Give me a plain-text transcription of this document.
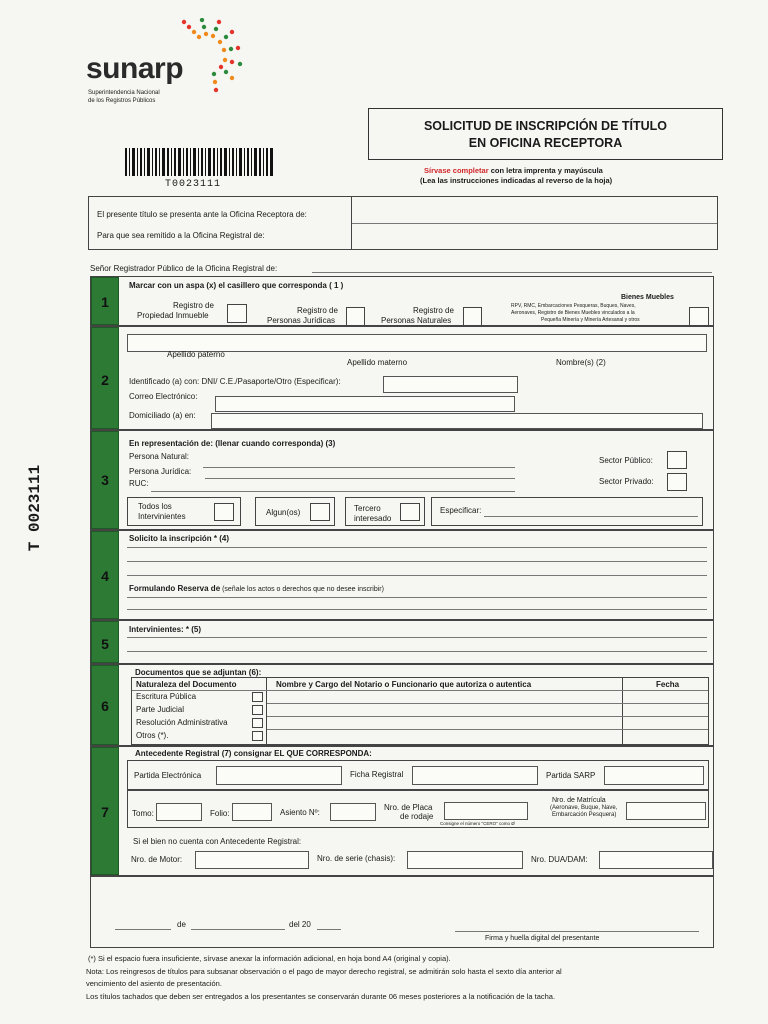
sunarp
Superintendencia Nacional
de los Registros Públicos
T0023111
SOLICITUD DE INSCRIPCIÓN DE TÍTULO
EN OFICINA RECEPTORA
Sírvase completar con letra imprenta y mayúscula
(Lea las instrucciones indicadas al reverso de la hoja)
T 0023111
El presente título se presenta ante la Oficina Receptora de:
Para que sea remitido a la Oficina Registral de:
Señor Registrador Público de la Oficina Registral de:
1
Marcar con un aspa (x) el casillero que corresponda ( 1 )
Registro de
Propiedad Inmueble
Registro de
Personas Jurídicas
Registro de
Personas Naturales
Bienes Muebles
RPV, RMC, Embarcaciones Pesqueras, Buques, Naves,
Aeronaves, Registro de Bienes Muebles vinculados a la
Pequeña Minería y Minería Artesanal y otros
2
Apellido paterno
Apellido materno	Nombre(s) (2)
Identificado (a) con: DNI/ C.E./Pasaporte/Otro (Especificar):
Correo Electrónico:
Domiciliado (a) en:
3
En representación de: (llenar cuando corresponda) (3)
Persona Natural:
Persona Jurídica:
RUC:
Sector Público:
Sector Privado:
Todos los
Intervinientes	Algun(os)	Tercero
interesado
Especificar:
4
Solicito la inscripción * (4)
Formulando Reserva de (señale los actos o derechos que no desee inscribir)
5
Intervinientes: * (5)
6
Documentos que se adjuntan (6):
Naturaleza del Documento	Nombre y Cargo del Notario o Funcionario que autoriza o autentica	Fecha
Escritura Pública
Parte Judicial
Resolución Administrativa
Otros (*).
7
Antecedente Registral (7) consignar EL QUE CORRESPONDA:
Partida Electrónica	Ficha Registral	Partida SARP
Tomo:	Folio:	Asiento Nº:
Nro. de Placa
de rodaje
Consigne el número "CERO" como Ø
Nro. de Matrícula
(Aeronave, Buque, Nave,
Embarcación Pesquera)
Si el bien no cuenta con Antecedente Registral:
Nro. de Motor:	Nro. de serie (chasis):	Nro. DUA/DAM:
de	del 20
Firma y huella digital del presentante
(*) Si el espacio fuera insuficiente, sírvase anexar la información adicional, en hoja bond A4 (original y copia).
Nota: Los reingresos de títulos para subsanar observación o el pago de mayor derecho registral, se admitirán solo hasta el sexto día anterior al
vencimiento del asiento de presentación.
Los títulos tachados que deben ser entregados a los presentantes se conservarán durante 06 meses posteriores a la notificación de la tacha.
